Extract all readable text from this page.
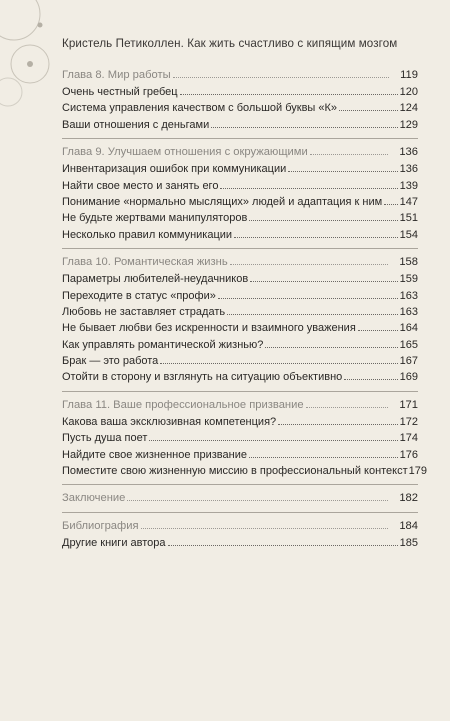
Кристель Петиколлен. Как жить счастливо с кипящим мозгом
Глава 8. Мир работы	119
Очень честный гребец	120
Система управления качеством с большой буквы «К»	124
Ваши отношения с деньгами	129
Глава 9. Улучшаем отношения с окружающими	136
Инвентаризация ошибок при коммуникации	136
Найти свое место и занять его	139
Понимание «нормально мыслящих» людей и адаптация к ним 147
Не будьте жертвами манипуляторов	151
Несколько правил коммуникации	154
Глава 10. Романтическая жизнь	158
Параметры любителей-неудачников	159
Переходите в статус «профи»	163
Любовь не заставляет страдать	163
Не бывает любви без искренности и взаимного уважения	164
Как управлять романтической жизнью?	165
Брак — это работа	167
Отойти в сторону и взглянуть на ситуацию объективно	169
Глава 11. Ваше профессиональное призвание	171
Какова ваша эксклюзивная компетенция?	172
Пусть душа поет	174
Найдите свое жизненное призвание	176
Поместите свою жизненную миссию в профессиональный контекст 179
Заключение	182
Библиография	184
Другие книги автора	185
